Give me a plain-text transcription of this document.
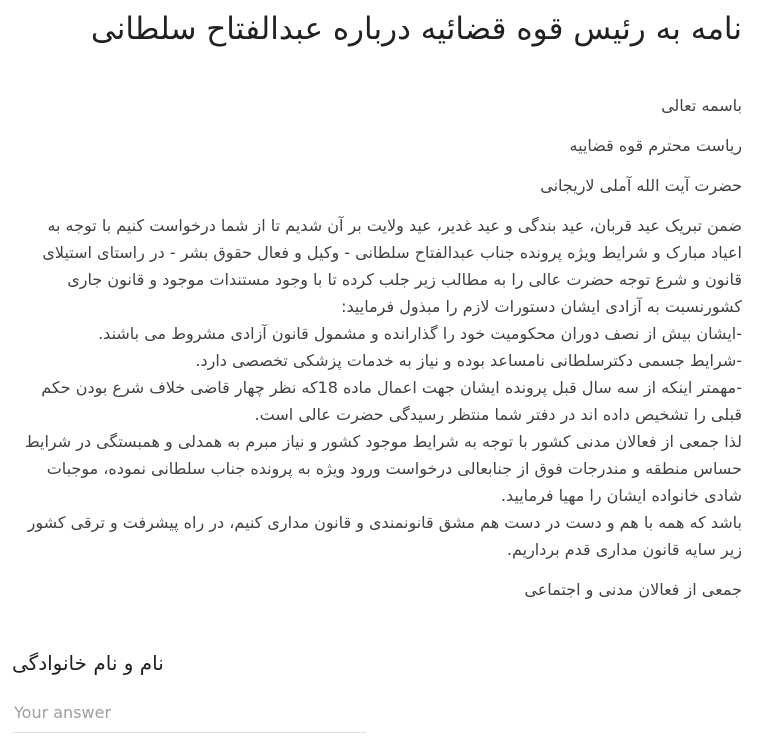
نامه به رئیس قوه قضائیه درباره عبدالفتاح سلطانی

باسمه تعالی

ریاست محترم قوه قضاییه

حضرت آیت الله آملی لاریجانی

ضمن تبریک عید قربان، عید بندگی و عید غدیر، عید ولایت بر آن شدیم تا از شما درخواست کنیم با توجه به اعیاد مبارک و شرایط ویژه پرونده جناب عبدالفتاح سلطانی - وکیل و فعال حقوق بشر - در راستای استیلای قانون و شرع توجه حضرت عالی را به مطالب زیر جلب کرده تا با وجود مستندات موجود و قانون جاری کشورنسبت به آزادی ایشان دستورات لازم را مبذول فرمایید:

-ایشان بیش از نصف دوران محکومیت خود را گذارانده و مشمول قانون آزادی مشروط می باشند.

-شرایط جسمی دکترسلطانی نامساعد بوده و نیاز به خدمات پزشکی تخصصی دارد.

-مهمتر اینکه از سه سال قبل پرونده ایشان جهت اعمال ماده 18که نظر چهار قاضی خلاف شرع بودن حکم قبلی را تشخیص داده اند در دفتر شما منتظر رسیدگی حضرت عالی است.

لذا جمعی از فعالان مدنی کشور با توجه به شرایط موجود کشور و نیاز مبرم به همدلی و همبستگی در شرایط حساس منطقه و مندرجات فوق از جنابعالی درخواست ورود ویژه به پرونده جناب سلطانی نموده، موجبات شادی خانواده ایشان را مهیا فرمایید.

باشد که همه با هم و دست در دست هم مشق قانونمندی و قانون مداری کنیم، در راه پیشرفت و ترقی کشور زیر سایه قانون مداری قدم برداریم.

جمعی از فعالان مدنی و اجتماعی

نام و نام خانوادگی
Your answer
